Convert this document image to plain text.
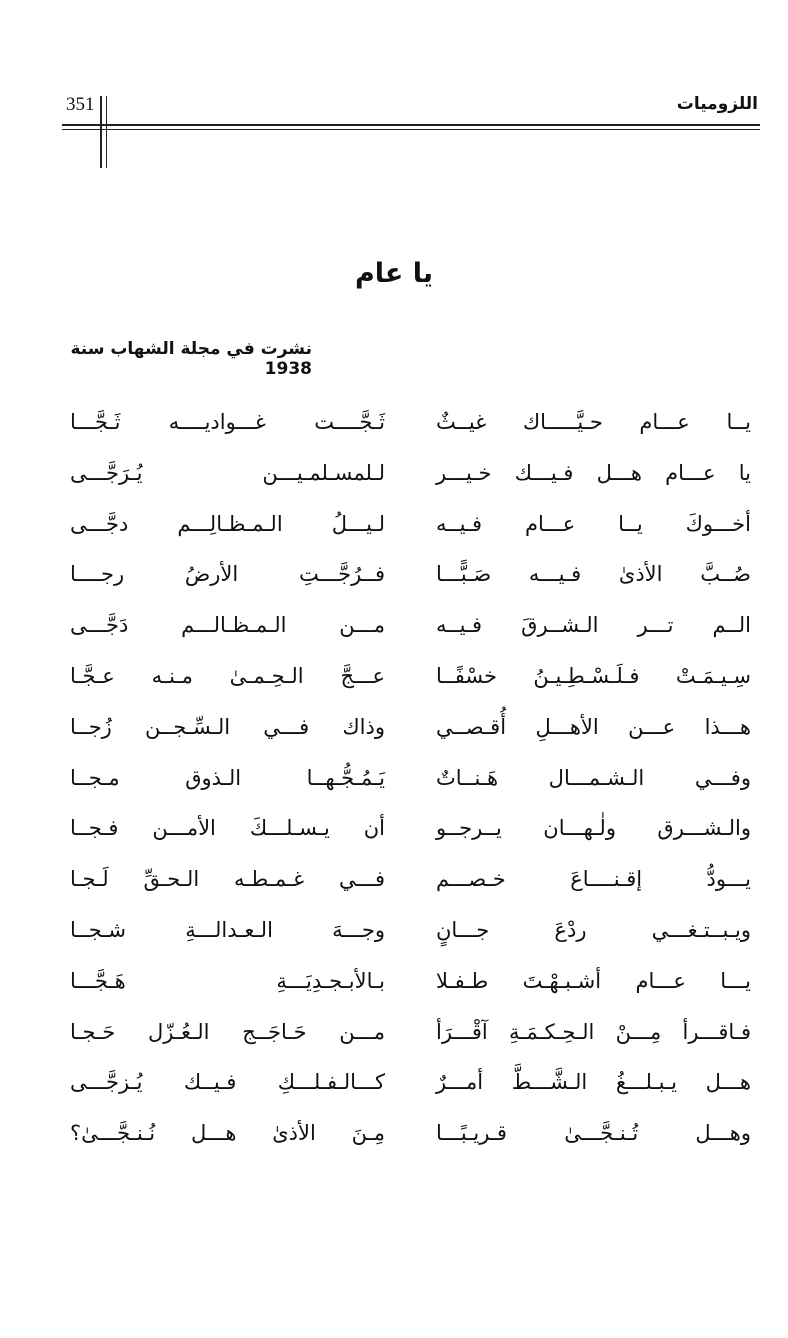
اللزوميات
351
يا عام
نشرت في مجلة الشهاب سنة 1938
يــا عـــام حـيَّـــــاك غيــثٌ
ثَـجَّــــت غـــواديــــه ثَـجَّـــا
يا عـــام هـــل فـيـــك خـيـــر
لـلمسـلمـيـــن يُـرَجَّـــى
أخـــوكَ يــا عـــام فـيــه
لـيـــلُ الـمـظـالِـــم دجَّـــى
صُــبَّ الأذىٰ فـيـــه صَـبًّـــا
فــرُجَّـــتِ الأرضُ رجــــا
الــم تـــر الـشــرقَ فـيــه
مـــن الـمـظـالـــم دَجَّـــى
سِـيـمَـتْ فـلَـسْـطِـيـنُ خسْفًــا
عـــجَّ الـحِـمـىٰ مـنـه عـجَّـا
هـــذا عـــن الأهـــلِ أُقـصــي
وذاك فـــي الـسِّـجــن زُجــا
وفـــي الـشـمـــال هَـنــاتٌ
يَـمُـجُّـهــا الـذوق مـجــا
والـشـــرق ولٰـهـــان يــرجــو
أن يـسـلـــكَ الأمـــن فـجــا
يـــودُّ إقـنــــاعَ خـصـــم
فـــي غـمـطـه الـحـقِّ لَـجـا
ويـبــتـغـــي ردْعَ جـــانٍ
وجـــهَ الـعـدالـــةِ شـجــا
يـــا عـــام أشـبـهْـتَ طـفـلا
بـالأبـجـدِيَـــةِ هَـجَّـــا
فـاقـــرأ مِـــنْ الـحِـكـمَـةِ آقْـــرَأ
مـــن حَـاجَــج الـعُـزّل حَـجـا
هـــل يـبـلـــغُ الـشَّـــطَّ أمـــرٌ
كـــالـفـلـــكِ فـيــك يُـزجَّـــى
وهـــل تُـنـجَّـــىٰ قـريـبًـــا
مِـنَ الأذىٰ هـــل نُـنـجَّـــىٰ؟
